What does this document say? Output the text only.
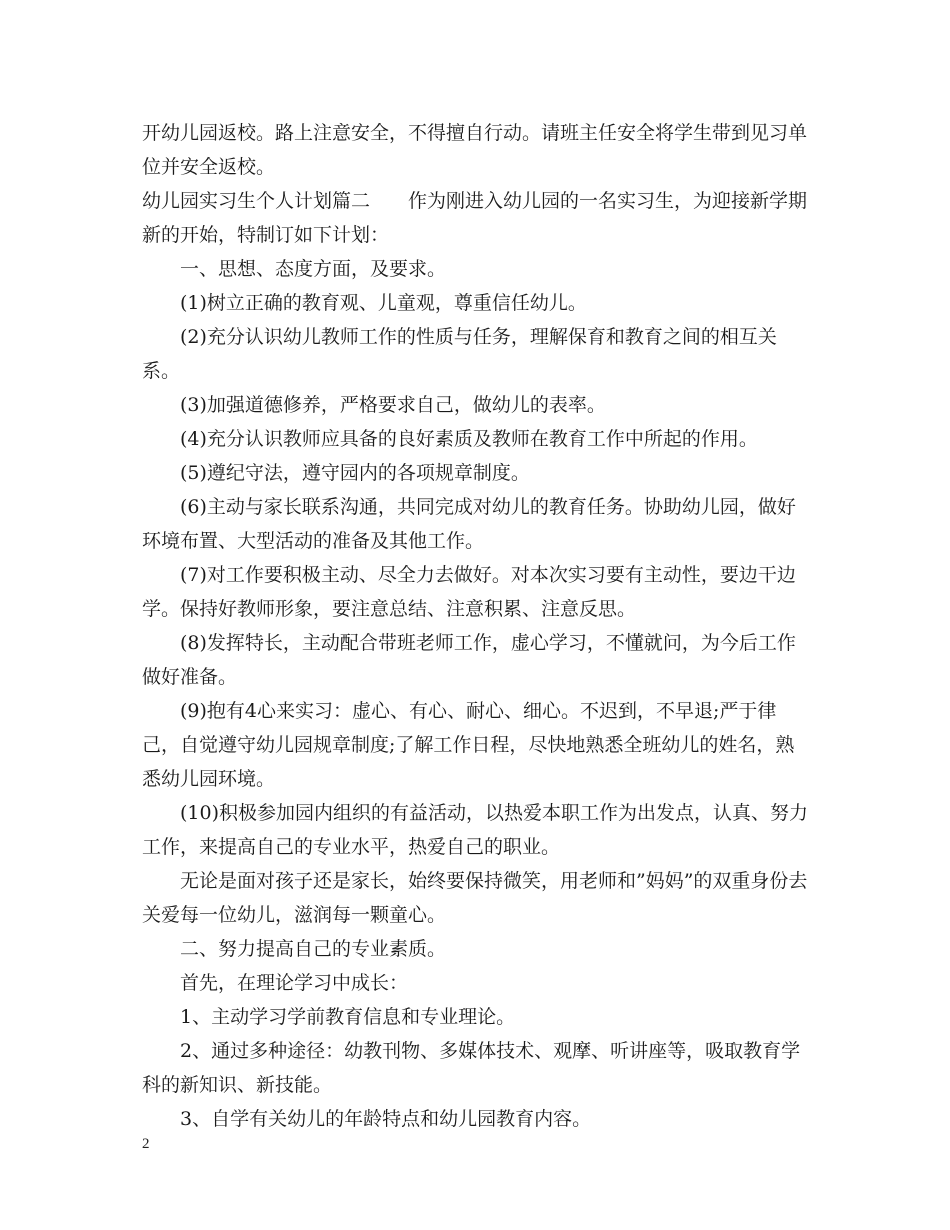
开幼儿园返校。路上注意安全，不得擅自行动。请班主任安全将学生带到见习单位并安全返校。

幼儿园实习生个人计划篇二　　作为刚进入幼儿园的一名实习生，为迎接新学期新的开始，特制订如下计划：

一、思想、态度方面，及要求。

(1)树立正确的教育观、儿童观，尊重信任幼儿。

(2)充分认识幼儿教师工作的性质与任务，理解保育和教育之间的相互关系。

(3)加强道德修养，严格要求自己，做幼儿的表率。

(4)充分认识教师应具备的良好素质及教师在教育工作中所起的作用。

(5)遵纪守法，遵守园内的各项规章制度。

(6)主动与家长联系沟通，共同完成对幼儿的教育任务。协助幼儿园，做好环境布置、大型活动的准备及其他工作。

(7)对工作要积极主动、尽全力去做好。对本次实习要有主动性，要边干边学。保持好教师形象，要注意总结、注意积累、注意反思。

(8)发挥特长，主动配合带班老师工作，虚心学习，不懂就问，为今后工作做好准备。

(9)抱有4心来实习：虚心、有心、耐心、细心。不迟到，不早退;严于律己，自觉遵守幼儿园规章制度;了解工作日程，尽快地熟悉全班幼儿的姓名，熟悉幼儿园环境。

(10)积极参加园内组织的有益活动，以热爱本职工作为出发点，认真、努力工作，来提高自己的专业水平，热爱自己的职业。

无论是面对孩子还是家长，始终要保持微笑，用老师和”妈妈”的双重身份去关爱每一位幼儿，滋润每一颗童心。

二、努力提高自己的专业素质。

首先，在理论学习中成长：

1、主动学习学前教育信息和专业理论。

2、通过多种途径：幼教刊物、多媒体技术、观摩、听讲座等，吸取教育学科的新知识、新技能。

3、自学有关幼儿的年龄特点和幼儿园教育内容。

2
